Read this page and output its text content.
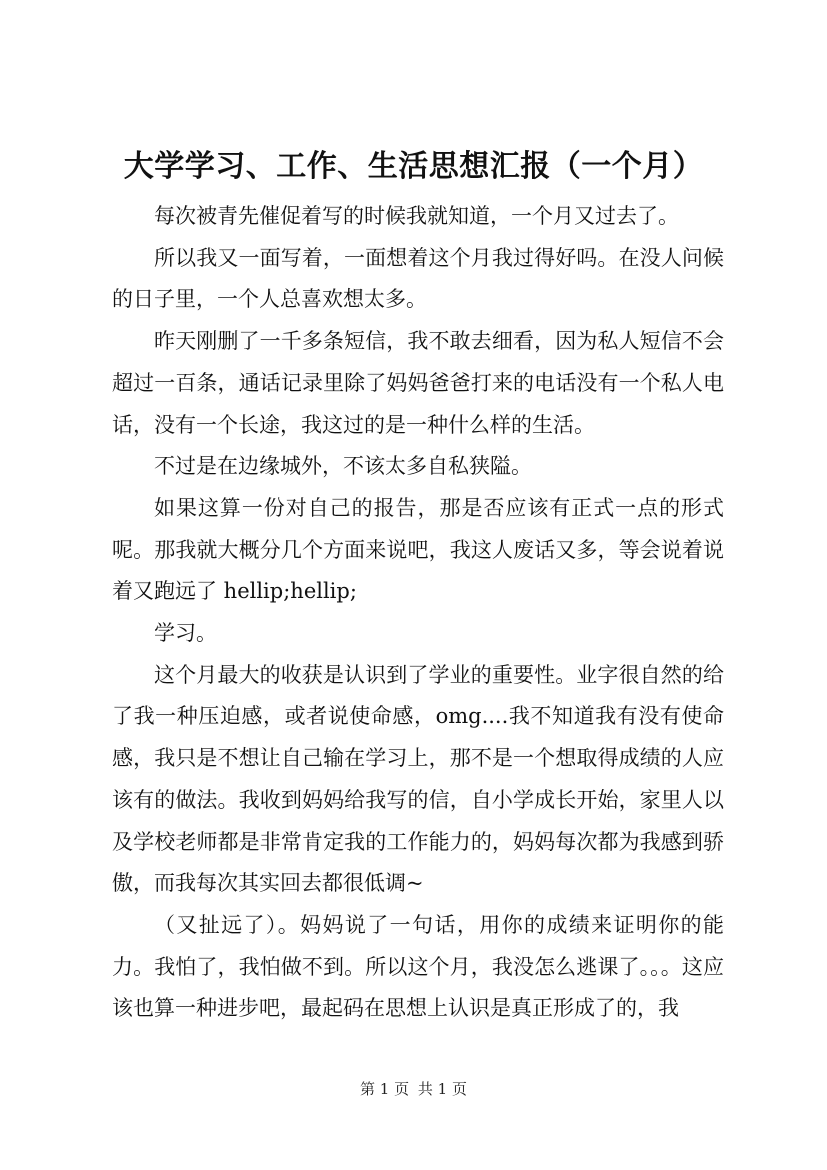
大学学习、工作、生活思想汇报（一个月）

每次被青先催促着写的时候我就知道，一个月又过去了。

所以我又一面写着，一面想着这个月我过得好吗。在没人问候的日子里，一个人总喜欢想太多。

昨天刚删了一千多条短信，我不敢去细看，因为私人短信不会超过一百条，通话记录里除了妈妈爸爸打来的电话没有一个私人电话，没有一个长途，我这过的是一种什么样的生活。

不过是在边缘城外，不该太多自私狭隘。

如果这算一份对自己的报告，那是否应该有正式一点的形式呢。那我就大概分几个方面来说吧，我这人废话又多，等会说着说着又跑远了 hellip;hellip;

学习。

这个月最大的收获是认识到了学业的重要性。业字很自然的给了我一种压迫感，或者说使命感，omg....我不知道我有没有使命感，我只是不想让自己输在学习上，那不是一个想取得成绩的人应该有的做法。我收到妈妈给我写的信，自小学成长开始，家里人以及学校老师都是非常肯定我的工作能力的，妈妈每次都为我感到骄傲，而我每次其实回去都很低调~

（又扯远了）。妈妈说了一句话，用你的成绩来证明你的能力。我怕了，我怕做不到。所以这个月，我没怎么逃课了。。。这应该也算一种进步吧，最起码在思想上认识是真正形成了的，我

第 1 页 共 1 页
